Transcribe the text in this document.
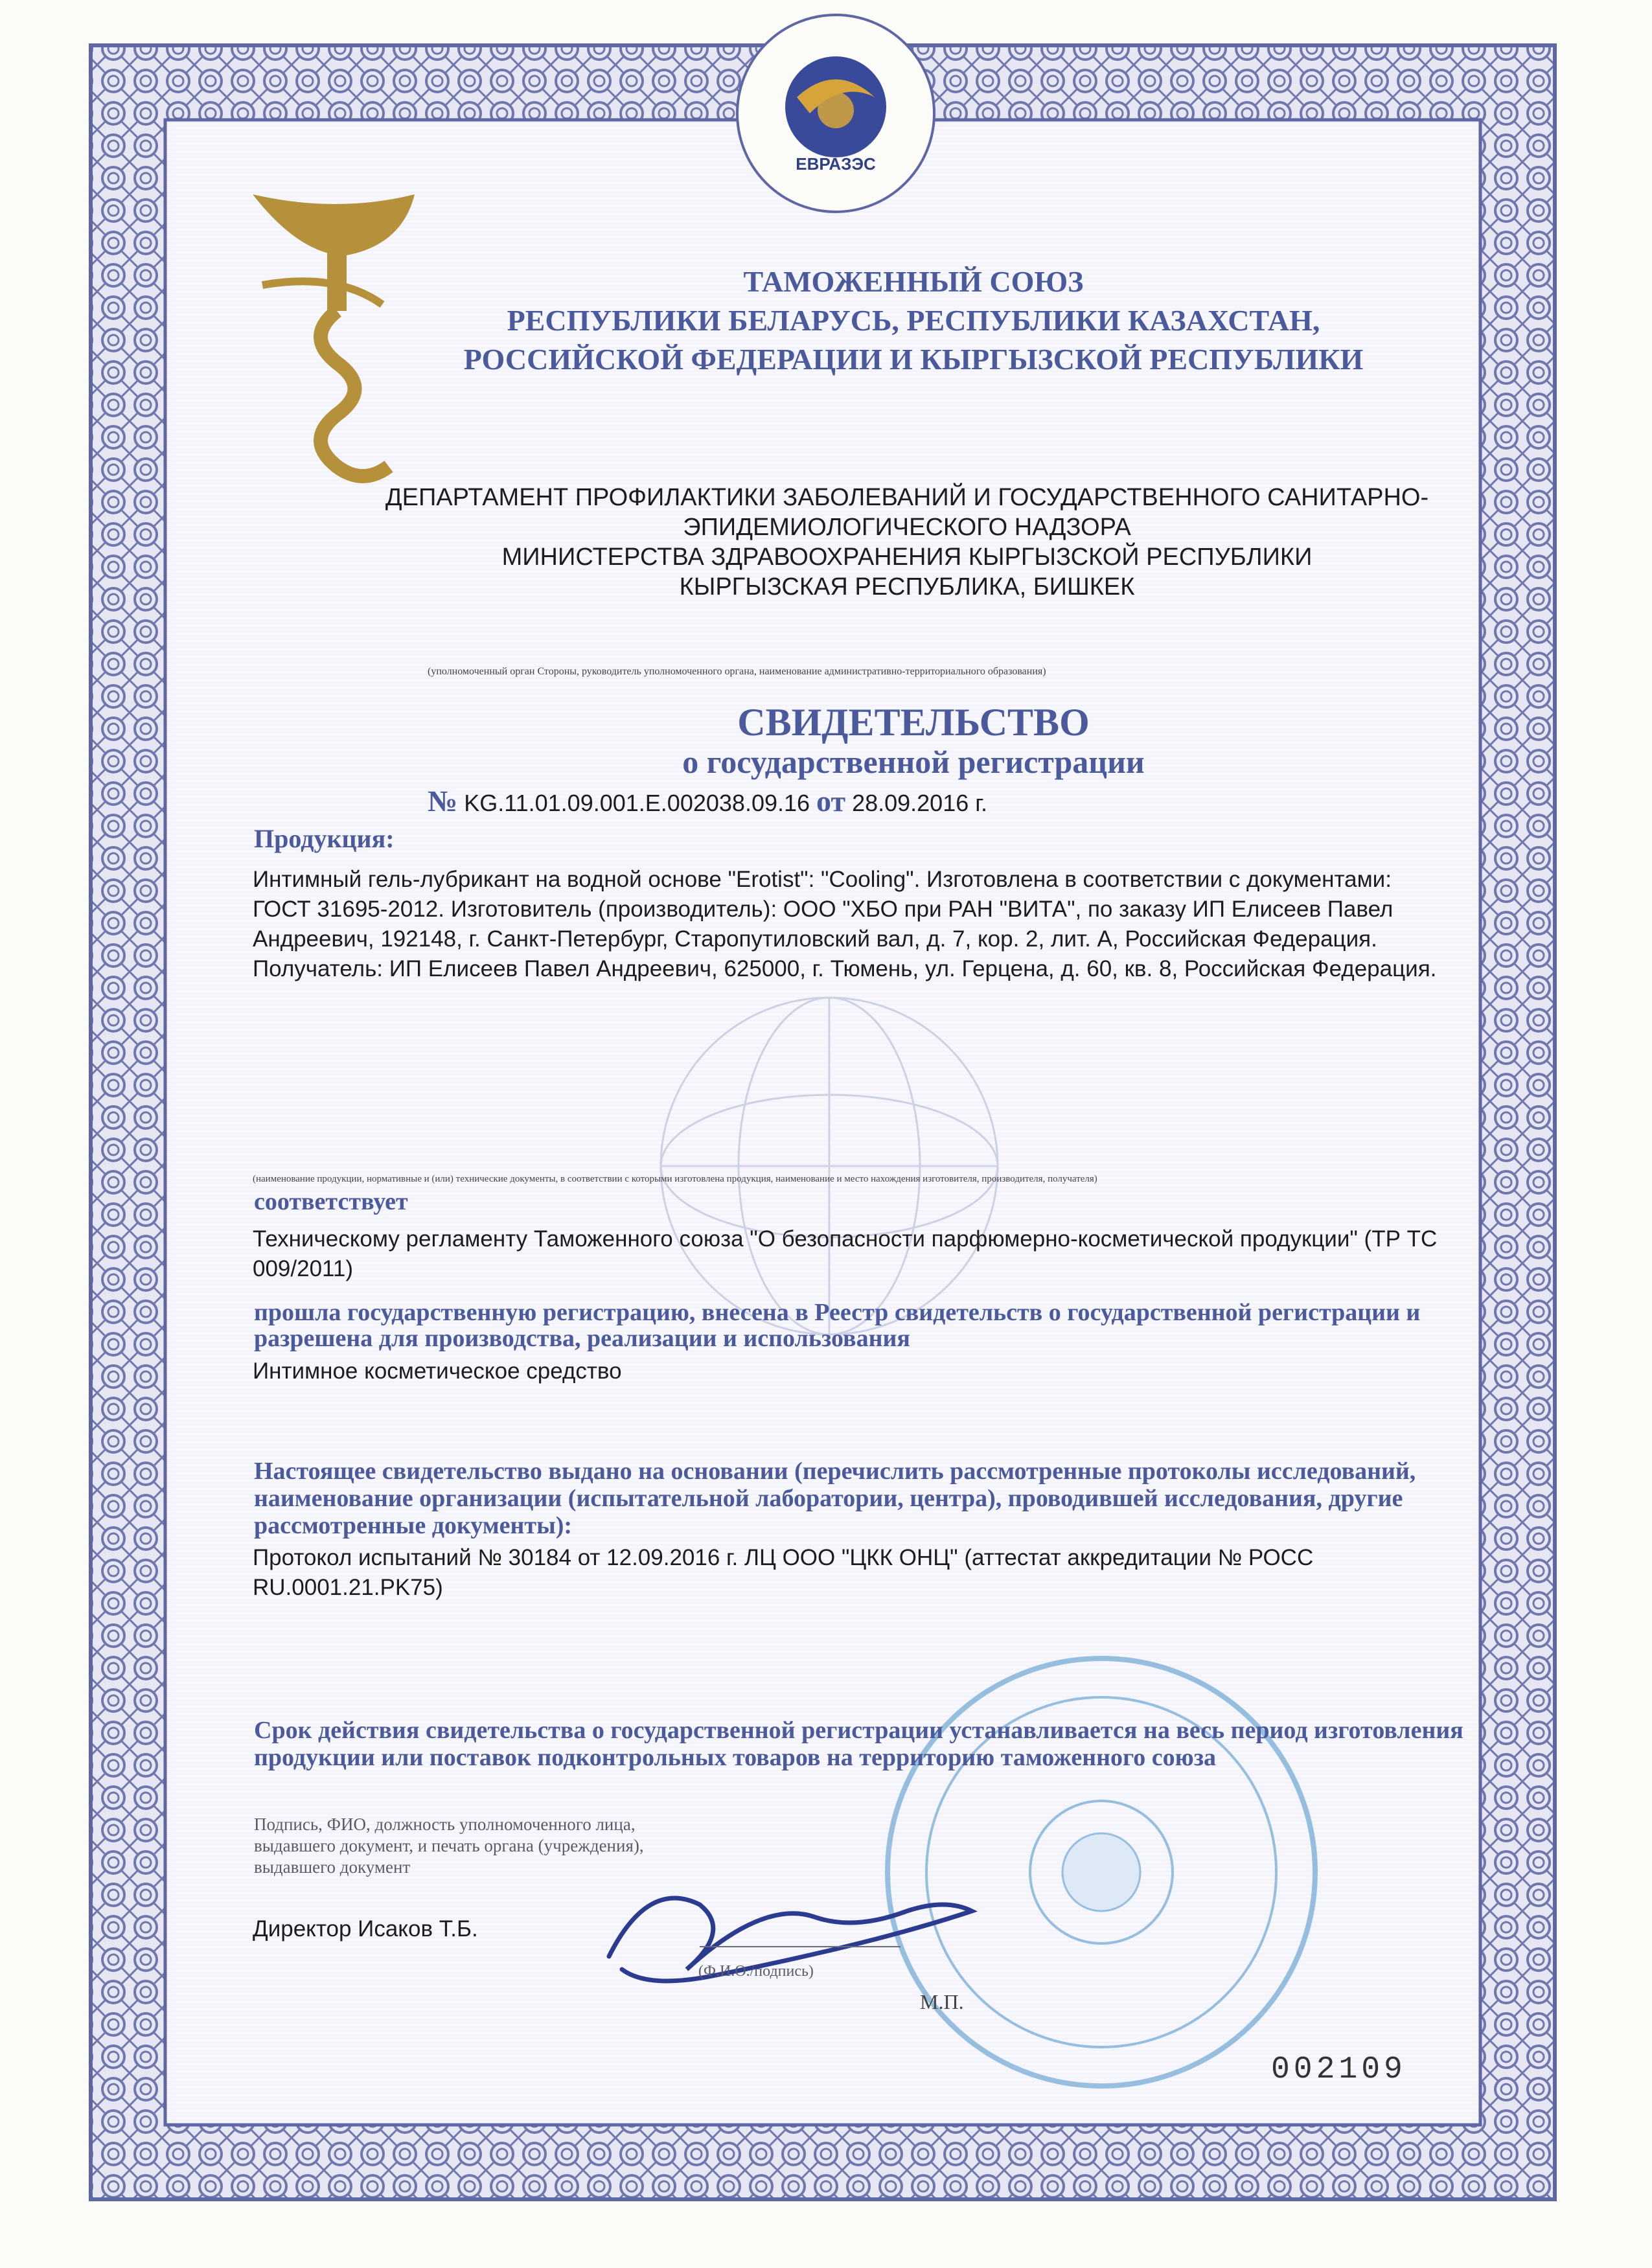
ЕВРАЗЭС
ТАМОЖЕННЫЙ СОЮЗ
РЕСПУБЛИКИ БЕЛАРУСЬ, РЕСПУБЛИКИ КАЗАХСТАН,
РОССИЙСКОЙ ФЕДЕРАЦИИ И КЫРГЫЗСКОЙ РЕСПУБЛИКИ
ДЕПАРТАМЕНТ ПРОФИЛАКТИКИ ЗАБОЛЕВАНИЙ И ГОСУДАРСТВЕННОГО САНИТАРНО-
ЭПИДЕМИОЛОГИЧЕСКОГО НАДЗОРА
МИНИСТЕРСТВА ЗДРАВООХРАНЕНИЯ КЫРГЫЗСКОЙ РЕСПУБЛИКИ
КЫРГЫЗСКАЯ РЕСПУБЛИКА, БИШКЕК
(уполномоченный орган Стороны, руководитель уполномоченного органа, наименование административно-территориального образования)
СВИДЕТЕЛЬСТВО
о государственной регистрации
№ KG.11.01.09.001.Е.002038.09.16 от 28.09.2016 г.
Продукция:
Интимный гель-лубрикант на водной основе "Erotist": "Cooling". Изготовлена в соответствии с документами: ГОСТ 31695-2012. Изготовитель (производитель): ООО "ХБО при РАН "ВИТА", по заказу ИП Елисеев Павел Андреевич, 192148, г. Санкт-Петербург, Старопутиловский вал, д. 7, кор. 2, лит. А, Российская Федерация. Получатель: ИП Елисеев Павел Андреевич, 625000, г. Тюмень, ул. Герцена, д. 60, кв. 8, Российская Федерация.
(наименование продукции, нормативные и (или) технические документы, в соответствии с которыми изготовлена продукция, наименование и место нахождения изготовителя, производителя, получателя)
соответствует
Техническому регламенту Таможенного союза "О безопасности парфюмерно-косметической продукции" (ТР ТС 009/2011)
прошла государственную регистрацию, внесена в Реестр свидетельств о государственной регистрации и разрешена для производства, реализации и использования
Интимное косметическое средство
Настоящее свидетельство выдано на основании (перечислить рассмотренные протоколы исследований, наименование организации (испытательной лаборатории, центра), проводившей исследования, другие рассмотренные документы):
Протокол испытаний № 30184 от 12.09.2016 г. ЛЦ ООО "ЦКК ОНЦ" (аттестат аккредитации № РОСС RU.0001.21.PK75)
Срок действия свидетельства о государственной регистрации устанавливается на весь период изготовления продукции или поставок подконтрольных товаров на территорию таможенного союза
Подпись, ФИО, должность уполномоченного лица,
выдавшего документ, и печать органа (учреждения),
выдавшего документ
Директор Исаков Т.Б.
(Ф.И.О./подпись)
М.П.
002109
